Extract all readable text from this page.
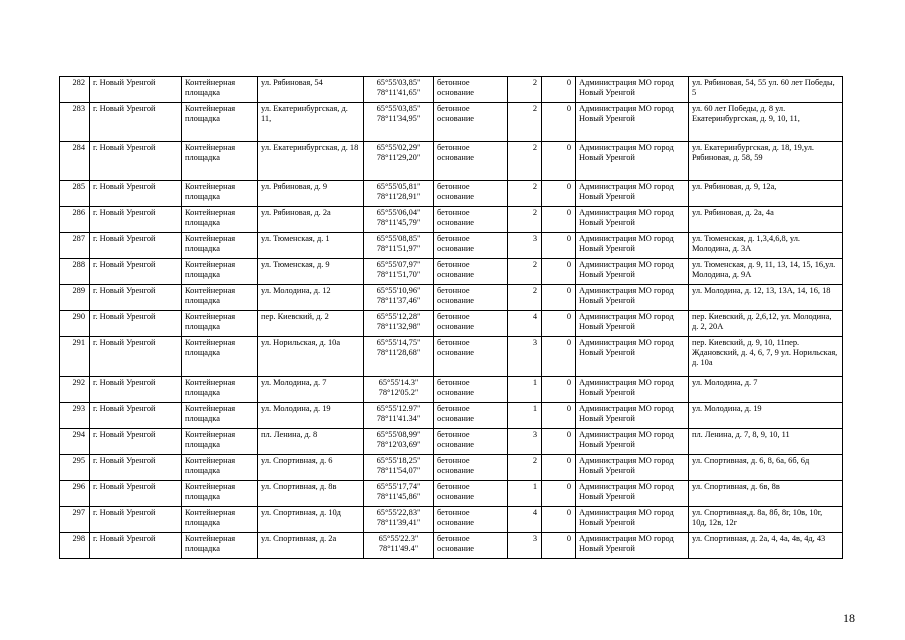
282	г. Новый Уренгой	Контейнерная площадка	ул. Рябиновая, 54	65°55'03,85" 78°11'41,65"	бетонное основание	2	0	Администрация МО город Новый Уренгой	ул. Рябиновая, 54, 55 ул. 60 лет Победы, 5
283	г. Новый Уренгой	Контейнерная площадка	ул. Екатеринбургская, д. 11,	65°55'03,85" 78°11'34,95"	бетонное основание	2	0	Администрация МО город Новый Уренгой	ул. 60 лет Победы, д. 8 ул. Екатеринбургская, д. 9, 10, 11,
284	г. Новый Уренгой	Контейнерная площадка	ул. Екатеринбургская, д. 18	65°55'02,29" 78°11'29,20"	бетонное основание	2	0	Администрация МО город Новый Уренгой	ул. Екатеринбургская, д. 18, 19,ул. Рябиновая, д. 58, 59
285	г. Новый Уренгой	Контейнерная площадка	ул. Рябиновая, д. 9	65°55'05,81" 78°11'28,91"	бетонное основание	2	0	Администрация МО город Новый Уренгой	ул. Рябиновая, д. 9, 12а,
286	г. Новый Уренгой	Контейнерная площадка	ул. Рябиновая, д. 2а	65°55'06,04" 78°11'45,79"	бетонное основание	2	0	Администрация МО город Новый Уренгой	ул. Рябиновая, д. 2а, 4а
287	г. Новый Уренгой	Контейнерная площадка	ул. Тюменская, д. 1	65°55'08,85" 78°11'51,97"	бетонное основание	3	0	Администрация МО город Новый Уренгой	ул. Тюменская, д. 1,3,4,6,8, ул. Молодина, д. 3А
288	г. Новый Уренгой	Контейнерная площадка	ул. Тюменская, д. 9	65°55'07,97" 78°11'51,70"	бетонное основание	2	0	Администрация МО город Новый Уренгой	ул. Тюменская, д. 9, 11, 13, 14, 15, 16,ул. Молодина, д. 9А
289	г. Новый Уренгой	Контейнерная площадка	ул. Молодина, д. 12	65°55'10,96" 78°11'37,46"	бетонное основание	2	0	Администрация МО город Новый Уренгой	ул. Молодина, д. 12, 13, 13А, 14, 16, 18
290	г. Новый Уренгой	Контейнерная площадка	пер. Киевский, д. 2	65°55'12,28" 78°11'32,98"	бетонное основание	4	0	Администрация МО город Новый Уренгой	пер. Киевский, д. 2,6,12, ул. Молодина, д. 2, 20А
291	г. Новый Уренгой	Контейнерная площадка	ул. Норильская, д. 10а	65°55'14,75" 78°11'28,68"	бетонное основание	3	0	Администрация МО город Новый Уренгой	пер. Киевский, д. 9, 10, 11пер. Ждановский, д. 4, 6, 7, 9 ул. Норильская, д. 10а
292	г. Новый Уренгой	Контейнерная площадка	ул. Молодина, д. 7	65°55'14.3" 78°12'05.2"	бетонное основание	1	0	Администрация МО город Новый Уренгой	ул. Молодина, д. 7
293	г. Новый Уренгой	Контейнерная площадка	ул. Молодина, д. 19	65°55'12.97" 78°11'41.34"	бетонное основание	1	0	Администрация МО город Новый Уренгой	ул. Молодина, д. 19
294	г. Новый Уренгой	Контейнерная площадка	пл. Ленина, д. 8	65°55'08,99" 78°12'03,69"	бетонное основание	3	0	Администрация МО город Новый Уренгой	пл. Ленина, д. 7, 8, 9, 10, 11
295	г. Новый Уренгой	Контейнерная площадка	ул. Спортивная, д. 6	65°55'18,25" 78°11'54,07"	бетонное основание	2	0	Администрация МО город Новый Уренгой	ул. Спортивная, д. 6, 8, 6а, 6б, 6д
296	г. Новый Уренгой	Контейнерная площадка	ул. Спортивная, д. 8в	65°55'17,74" 78°11'45,86"	бетонное основание	1	0	Администрация МО город Новый Уренгой	ул. Спортивная, д. 6в, 8в
297	г. Новый Уренгой	Контейнерная площадка	ул. Спортивная, д. 10д	65°55'22,83" 78°11'39,41"	бетонное основание	4	0	Администрация МО город Новый Уренгой	ул. Спортивная,д. 8а, 8б, 8г, 10в, 10г, 10д, 12в, 12г
298	г. Новый Уренгой	Контейнерная площадка	ул. Спортивная, д. 2а	65°55'22.3" 78°11'49.4"	бетонное основание	3	0	Администрация МО город Новый Уренгой	ул. Спортивная, д. 2а, 4, 4а, 4в, 4д, 43
18
